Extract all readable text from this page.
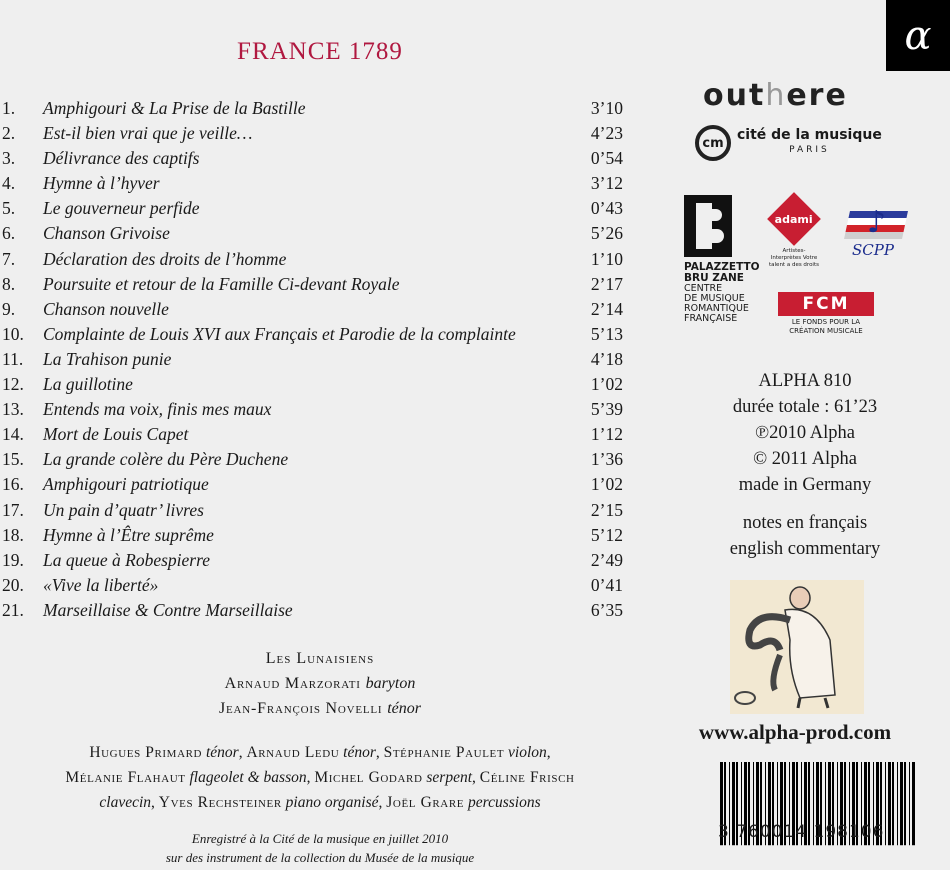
FRANCE 1789	α
1. Amphigouri & La Prise de la Bastille	3’10
2. Est-il bien vrai que je veille…	4’23
3. Délivrance des captifs	0’54
4. Hymne à l’hyver	3’12
5. Le gouverneur perfide	0’43
6. Chanson Grivoise	5’26
7. Déclaration des droits de l’homme	1’10
8. Poursuite et retour de la Famille Ci-devant Royale	2’17
9. Chanson nouvelle	2’14
10. Complainte de Louis XVI aux Français et Parodie de la complainte	5’13
11. La Trahison punie	4’18
12. La guillotine	1’02
13. Entends ma voix, finis mes maux	5’39
14. Mort de Louis Capet	1’12
15. La grande colère du Père Duchene	1’36
16. Amphigouri patriotique	1’02
17. Un pain d’quatr’ livres	2’15
18. Hymne à l’Être suprême	5’12
19. La queue à Robespierre	2’49
20. «Vive la liberté»	0’41
21. Marseillaise & Contre Marseillaise	6’35
Les Lunaisiens
Arnaud Marzorati baryton
Jean-François Novelli ténor
Hugues Primard ténor, Arnaud Ledu ténor, Stéphanie Paulet violon,
Mélanie Flahaut flageolet & basson, Michel Godard serpent, Céline Frisch
clavecin, Yves Rechsteiner piano organisé, Joël Grare percussions
Enregistré à la Cité de la musique en juillet 2010
sur des instrument de la collection du Musée de la musique
outhere
cm cité de la musique
PARIS
PALAZZETTO
BRU ZANE
CENTRE
DE MUSIQUE
ROMANTIQUE
FRANÇAISE
adami
Artistes-Interprètes Votre talent a des droits
♪
SCPP
FCM
LE FONDS POUR LA
CRÉATION MUSICALE
ALPHA 810
durée totale : 61’23
℗2010 Alpha
© 2011 Alpha
made in Germany
notes en français
english commentary
www.alpha-prod.com
3 760014 198106
